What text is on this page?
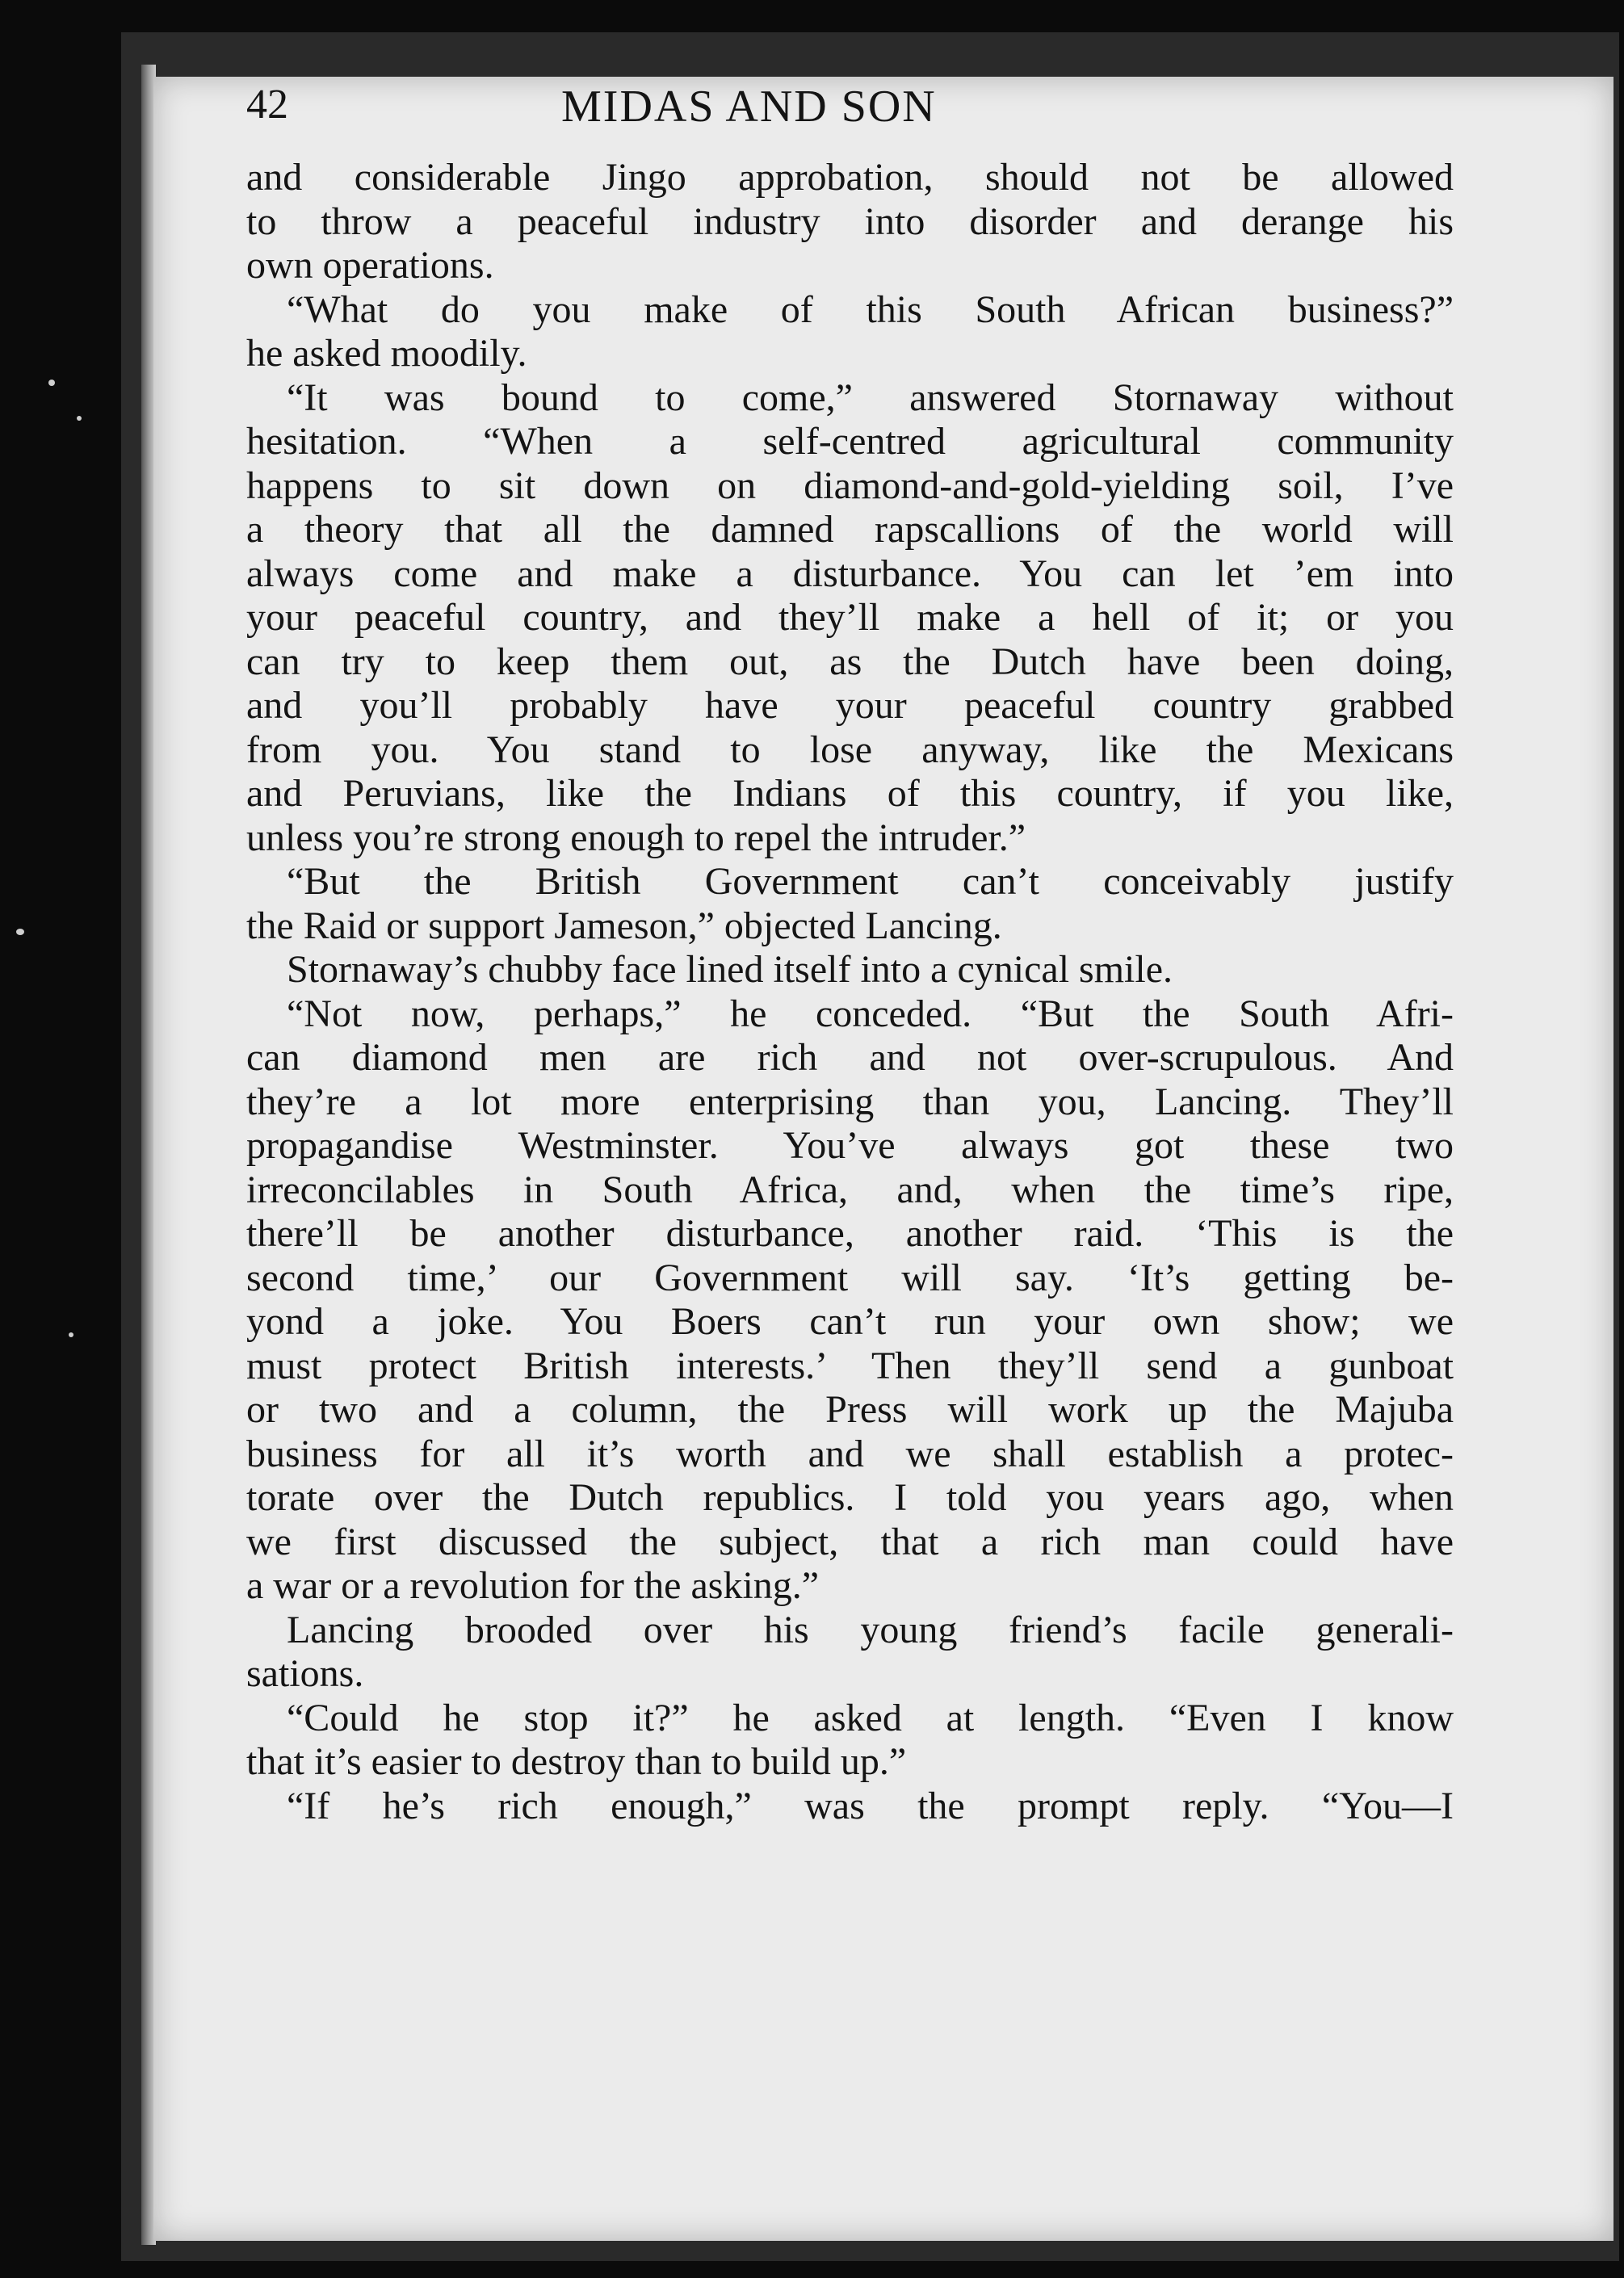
42	MIDAS AND SON
and considerable Jingo approbation, should not be allowed
to throw a peaceful industry into disorder and derange his
own operations.
“What do you make of this South African business?”
he asked moodily.
“It was bound to come,” answered Stornaway without
hesitation. “When a self-centred agricultural community
happens to sit down on diamond-and-gold-yielding soil, I’ve
a theory that all the damned rapscallions of the world will
always come and make a disturbance. You can let ’em into
your peaceful country, and they’ll make a hell of it; or you
can try to keep them out, as the Dutch have been doing,
and you’ll probably have your peaceful country grabbed
from you. You stand to lose anyway, like the Mexicans
and Peruvians, like the Indians of this country, if you like,
unless you’re strong enough to repel the intruder.”
“But the British Government can’t conceivably justify
the Raid or support Jameson,” objected Lancing.
Stornaway’s chubby face lined itself into a cynical smile.
“Not now, perhaps,” he conceded. “But the South Afri-
can diamond men are rich and not over-scrupulous. And
they’re a lot more enterprising than you, Lancing. They’ll
propagandise Westminster. You’ve always got these two
irreconcilables in South Africa, and, when the time’s ripe,
there’ll be another disturbance, another raid. ‘This is the
second time,’ our Government will say. ‘It’s getting be-
yond a joke. You Boers can’t run your own show; we
must protect British interests.’ Then they’ll send a gunboat
or two and a column, the Press will work up the Majuba
business for all it’s worth and we shall establish a protec-
torate over the Dutch republics. I told you years ago, when
we first discussed the subject, that a rich man could have
a war or a revolution for the asking.”
Lancing brooded over his young friend’s facile generali-
sations.
“Could he stop it?” he asked at length. “Even I know
that it’s easier to destroy than to build up.”
“If he’s rich enough,” was the prompt reply. “You—I
